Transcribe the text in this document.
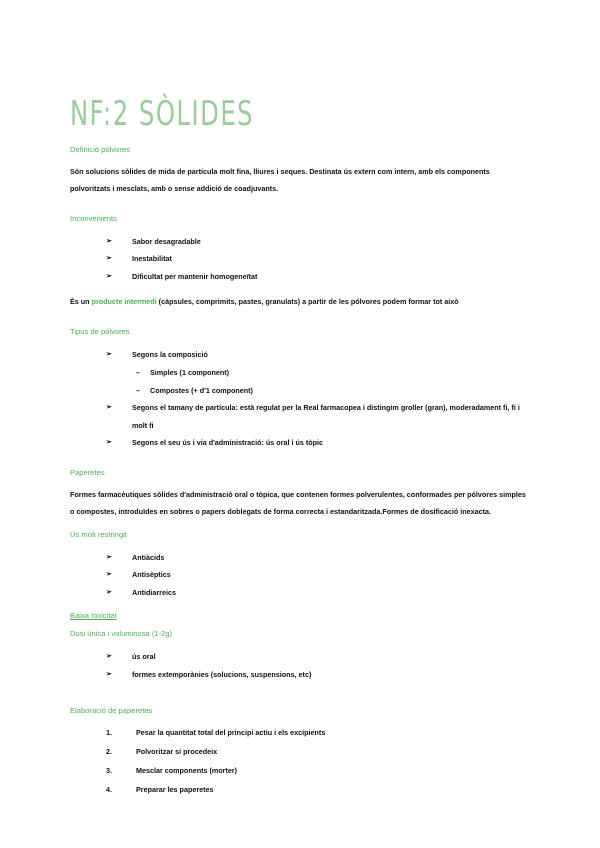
NF:2 SÒLIDES
Definició pólvores

Són solucions sòlides de mida de partícula molt fina, lliures i seques. Destinata ús extern com intern, amb els components polvoritzats i mesclats, amb o sense addició de coadjuvants.

Inconvenients
➢ Sabor desagradable
➢ Inestabilitat
➢ Dificultat per mantenir homogeneïtat

És un producte intermedi (càpsules, comprimits, pastes, granulats) a partir de les pólvores podem formar tot això

Tipus de pólvores
➢ Segons la composició
– Simples (1 component)
– Compostes (+ d'1 component)
➢ Segons el tamany de partícula: està regulat per la Real farmacopea i distingim groller (gran), moderadament fi, fi i molt fi
➢ Segons el seu ús i via d'administració: ús oral i ús tòpic
Paperetes

Formes farmacèutiques sòlides d'administració oral o tòpica, que contenen formes polverulentes, conformades per pólvores simples o compostes, introduïdes en sobres o papers doblegats de forma correcta i estandaritzada.Formes de dosificació inexacta.

Ús molt restringit
➢ Antiàcids
➢ Antisèptics
➢ Antidiarreics
Baixa toxicitat
Dosi única i voluminosa (1-2g)
➢ ús oral
➢ formes extemporànies (solucions, suspensions, etc)
Elaboració de paperetes
Pesar la quantitat total del principi actiu i els excipients
Polvoritzar si procedeix
Mesclar components (morter)
Preparar les paperetes
